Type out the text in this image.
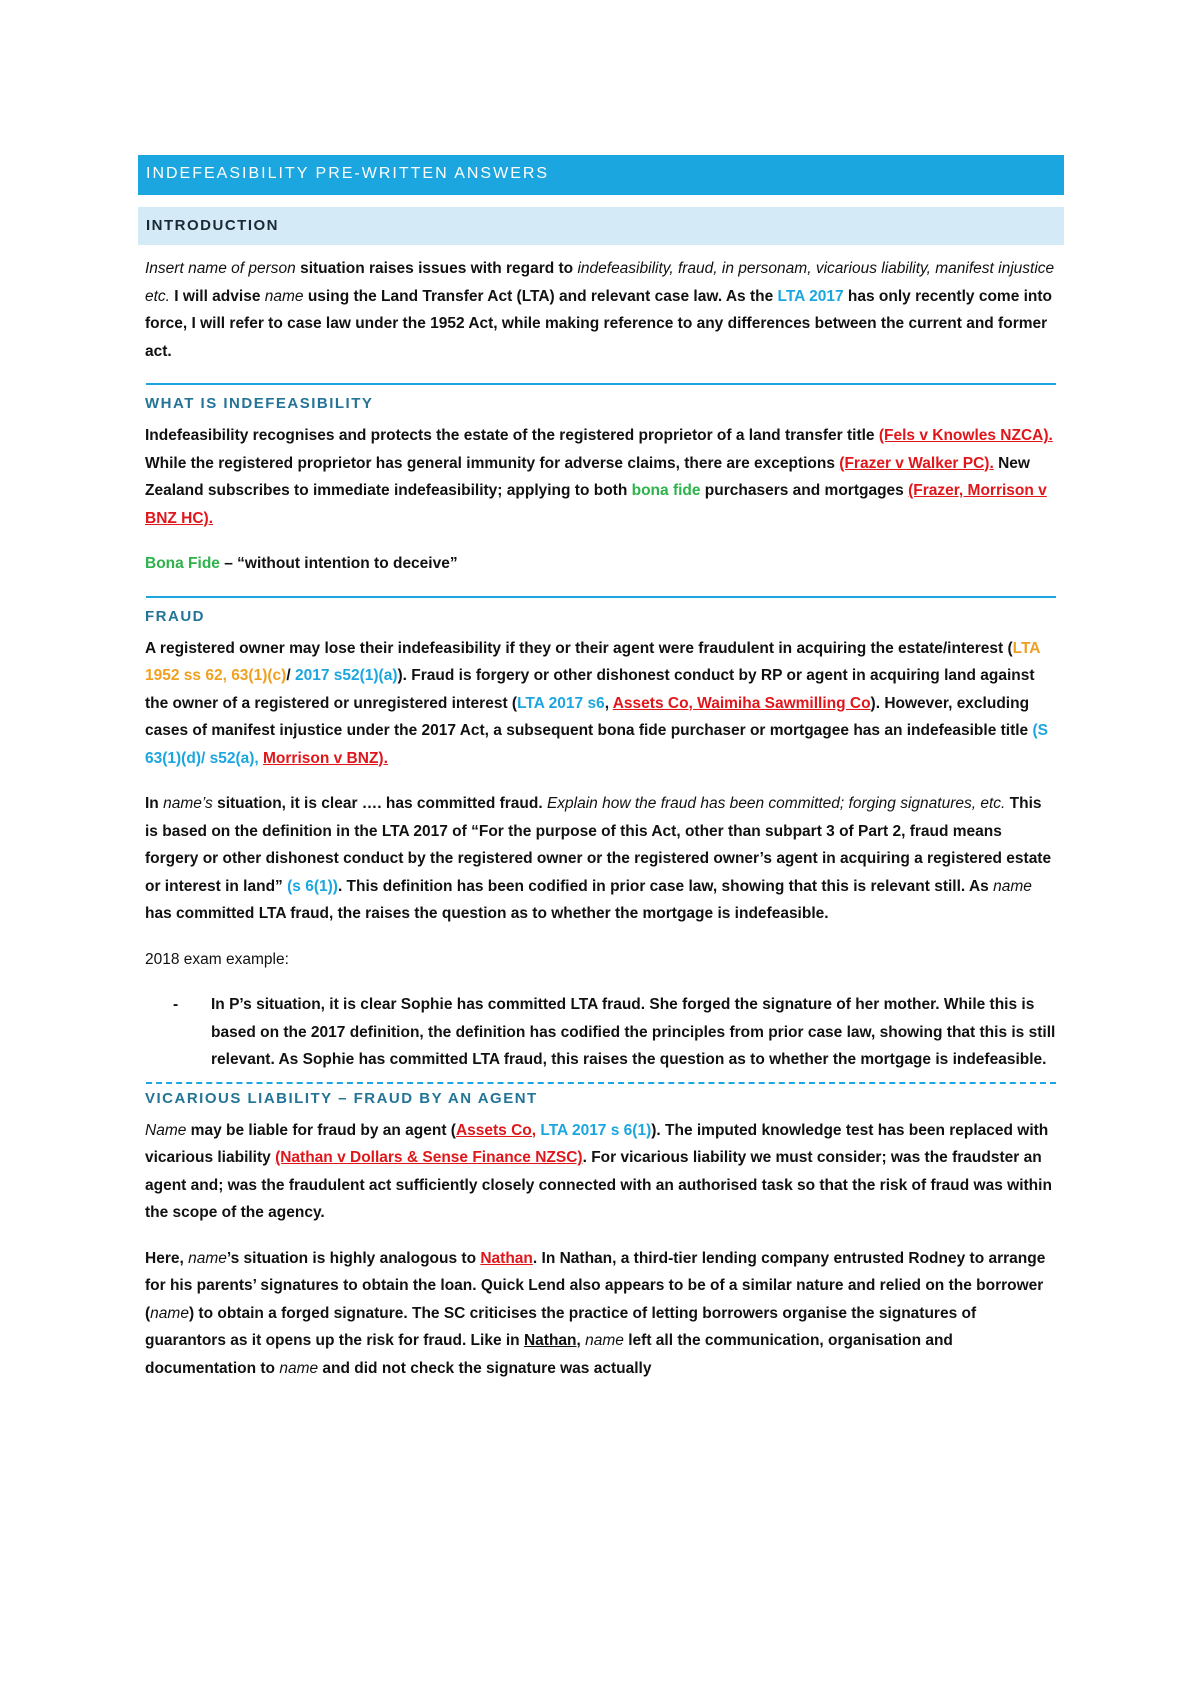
INDEFEASIBILITY PRE-WRITTEN ANSWERS
INTRODUCTION

Insert name of person situation raises issues with regard to indefeasibility, fraud, in personam, vicarious liability, manifest injustice etc. I will advise name using the Land Transfer Act (LTA) and relevant case law. As the LTA 2017 has only recently come into force, I will refer to case law under the 1952 Act, while making reference to any differences between the current and former act.

WHAT IS INDEFEASIBILITY

Indefeasibility recognises and protects the estate of the registered proprietor of a land transfer title (Fels v Knowles NZCA). While the registered proprietor has general immunity for adverse claims, there are exceptions (Frazer v Walker PC). New Zealand subscribes to immediate indefeasibility; applying to both bona fide purchasers and mortgages (Frazer, Morrison v BNZ HC).

Bona Fide – “without intention to deceive”

FRAUD

A registered owner may lose their indefeasibility if they or their agent were fraudulent in acquiring the estate/interest (LTA 1952 ss 62, 63(1)(c)/ 2017 s52(1)(a)). Fraud is forgery or other dishonest conduct by RP or agent in acquiring land against the owner of a registered or unregistered interest (LTA 2017 s6, Assets Co, Waimiha Sawmilling Co). However, excluding cases of manifest injustice under the 2017 Act, a subsequent bona fide purchaser or mortgagee has an indefeasible title (S 63(1)(d)/ s52(a), Morrison v BNZ).

In name’s situation, it is clear …. has committed fraud. Explain how the fraud has been committed; forging signatures, etc. This is based on the definition in the LTA 2017 of “For the purpose of this Act, other than subpart 3 of Part 2, fraud means forgery or other dishonest conduct by the registered owner or the registered owner’s agent in acquiring a registered estate or interest in land” (s 6(1)). This definition has been codified in prior case law, showing that this is relevant still. As name has committed LTA fraud, the raises the question as to whether the mortgage is indefeasible.

2018 exam example:

-	In P’s situation, it is clear Sophie has committed LTA fraud. She forged the signature of her mother. While this is based on the 2017 definition, the definition has codified the principles from prior case law, showing that this is still relevant. As Sophie has committed LTA fraud, this raises the question as to whether the mortgage is indefeasible.
VICARIOUS LIABILITY – FRAUD BY AN AGENT

Name may be liable for fraud by an agent (Assets Co, LTA 2017 s 6(1)). The imputed knowledge test has been replaced with vicarious liability (Nathan v Dollars & Sense Finance NZSC). For vicarious liability we must consider; was the fraudster an agent and; was the fraudulent act sufficiently closely connected with an authorised task so that the risk of fraud was within the scope of the agency.

Here, name’s situation is highly analogous to Nathan. In Nathan, a third-tier lending company entrusted Rodney to arrange for his parents’ signatures to obtain the loan. Quick Lend also appears to be of a similar nature and relied on the borrower (name) to obtain a forged signature. The SC criticises the practice of letting borrowers organise the signatures of guarantors as it opens up the risk for fraud. Like in Nathan, name left all the communication, organisation and documentation to name and did not check the signature was actually
